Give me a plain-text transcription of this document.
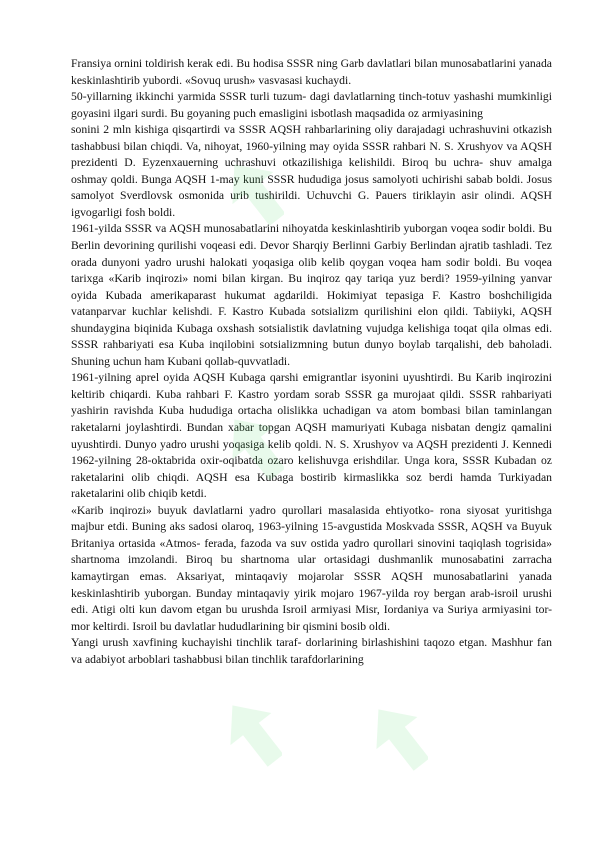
Fransiya ornini toldirish kerak edi. Bu hodisa SSSR ning Garb davlatlari bilan munosabatlarini yanada keskinlashtirib yubordi. «Sovuq urush» vasvasasi kuchaydi.

50-yillarning ikkinchi yarmida SSSR turli tuzum- dagi davlatlarning tinch-totuv yashashi mumkinligi goyasini ilgari surdi. Bu goyaning puch emasligini isbotlash maqsadida oz armiyasining

sonini 2 mln kishiga qisqartirdi va SSSR AQSH rahbarlarining oliy darajadagi uchrashuvini otkazish tashabbusi bilan chiqdi. Va, nihoyat, 1960-yilning may oyida SSSR rahbari N. S. Xrushyov va AQSH prezidenti D. Eyzenxauerning uchrashuvi otkazilishiga kelishildi. Biroq bu uchra- shuv amalga oshmay qoldi. Bunga AQSH 1-may kuni SSSR hududiga josus samolyoti uchirishi sabab boldi. Josus samolyot Sverdlovsk osmonida urib tushirildi. Uchuvchi G. Pauers tiriklayin asir olindi. AQSH igvogarligi fosh boldi.

1961-yilda SSSR va AQSH munosabatlarini nihoyatda keskinlashtirib yuborgan voqea sodir boldi. Bu Berlin devorining qurilishi voqeasi edi. Devor Sharqiy Berlinni Garbiy Berlindan ajratib tashladi. Tez orada dunyoni yadro urushi halokati yoqasiga olib kelib qoygan voqea ham sodir boldi. Bu voqea tarixga «Karib inqirozi» nomi bilan kirgan. Bu inqiroz qay tariqa yuz berdi? 1959-yilning yanvar oyida Kubada amerikaparast hukumat agdarildi. Hokimiyat tepasiga F. Kastro boshchiligida vatanparvar kuchlar kelishdi. F. Kastro Kubada sotsializm qurilishini elon qildi. Tabiiyki, AQSH shundaygina biqinida Kubaga oxshash sotsialistik davlatning vujudga kelishiga toqat qila olmas edi. SSSR rahbariyati esa Kuba inqilobini sotsializmning butun dunyo boylab tarqalishi, deb baholadi. Shuning uchun ham Kubani qollab-quvvatladi.

1961-yilning aprel oyida AQSH Kubaga qarshi emigrantlar isyonini uyushtirdi. Bu Karib inqirozini keltirib chiqardi. Kuba rahbari F. Kastro yordam sorab SSSR ga murojaat qildi. SSSR rahbariyati yashirin ravishda Kuba hududiga ortacha olislikka uchadigan va atom bombasi bilan taminlangan raketalarni joylashtirdi. Bundan xabar topgan AQSH mamuriyati Kubaga nisbatan dengiz qamalini uyushtirdi. Dunyo yadro urushi yoqasiga kelib qoldi. N. S. Xrushyov va AQSH prezidenti J. Kennedi 1962-yilning 28-oktabrida oxir-oqibatda ozaro kelishuvga erishdilar. Unga kora, SSSR Kubadan oz raketalarini olib chiqdi. AQSH esa Kubaga bostirib kirmaslikka soz berdi hamda Turkiyadan raketalarini olib chiqib ketdi.

«Karib inqirozi» buyuk davlatlarni yadro qurollari masalasida ehtiyotko- rona siyosat yuritishga majbur etdi. Buning aks sadosi olaroq, 1963-yilning 15-avgustida Moskvada SSSR, AQSH va Buyuk Britaniya ortasida «Atmos- ferada, fazoda va suv ostida yadro qurollari sinovini taqiqlash togrisida» shartnoma imzolandi. Biroq bu shartnoma ular ortasidagi dushmanlik munosabatini zarracha kamaytirgan emas. Aksariyat, mintaqaviy mojarolar SSSR AQSH munosabatlarini yanada keskinlashtirib yuborgan. Bunday mintaqaviy yirik mojaro 1967-yilda roy bergan arab-isroil urushi edi. Atigi olti kun davom etgan bu urushda Isroil armiyasi Misr, Iordaniya va Suriya armiyasini tor-mor keltirdi. Isroil bu davlatlar hududlarining bir qismini bosib oldi.

Yangi urush xavfining kuchayishi tinchlik taraf- dorlarining birlashishini taqozo etgan. Mashhur fan va adabiyot arboblari tashabbusi bilan tinchlik tarafdorlarining
